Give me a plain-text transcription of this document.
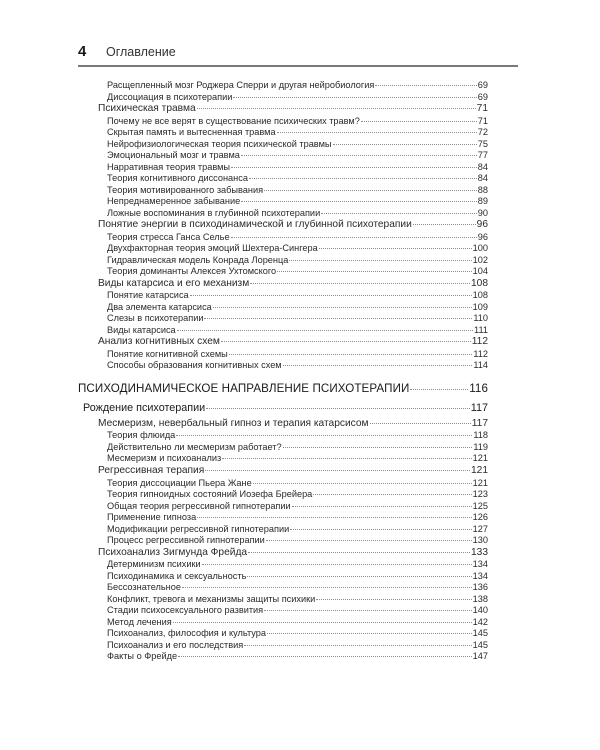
4 Оглавление
Расщепленный мозг Роджера Сперри и другая нейробиология	69
Диссоциация в психотерапии	69
Психическая травма	71
Почему не все верят в существование психических травм?	71
Скрытая память и вытесненная травма	72
Нейрофизиологическая теория психической травмы	75
Эмоциональный мозг и травма	77
Нарративная теория травмы	84
Теория когнитивного диссонанса	84
Теория мотивированного забывания	88
Непреднамеренное забывание	89
Ложные воспоминания в глубинной психотерапии	90
Понятие энергии в психодинамической и глубинной психотерапии	96
Теория стресса Ганса Селье	96
Двухфакторная теория эмоций Шехтера-Сингера	100
Гидравлическая модель Конрада Лоренца	102
Теория доминанты Алексея Ухтомского	104
Виды катарсиса и его механизм	108
Понятие катарсиса	108
Два элемента катарсиса	109
Слезы в психотерапии	110
Виды катарсиса	111
Анализ когнитивных схем	112
Понятие когнитивной схемы	112
Способы образования когнитивных схем	114
ПСИХОДИНАМИЧЕСКОЕ НАПРАВЛЕНИЕ ПСИХОТЕРАПИИ	116
Рождение психотерапии	117
Месмеризм, невербальный гипноз и терапия катарсисом	117
Теория флюида	118
Действительно ли месмеризм работает?	119
Месмеризм и психоанализ	121
Регрессивная терапия	121
Теория диссоциации Пьера Жане	121
Теория гипноидных состояний Иозефа Брейера	123
Общая теория регрессивной гипнотерапии	125
Применение гипноза	126
Модификации регрессивной гипнотерапии	127
Процесс регрессивной гипнотерапии	130
Психоанализ Зигмунда Фрейда	133
Детерминизм психики	134
Психодинамика и сексуальность	134
Бессознательное	136
Конфликт, тревога и механизмы защиты психики	138
Стадии психосексуального развития	140
Метод лечения	142
Психоанализ, философия и культура	145
Психоанализ и его последствия	145
Факты о Фрейде	147
